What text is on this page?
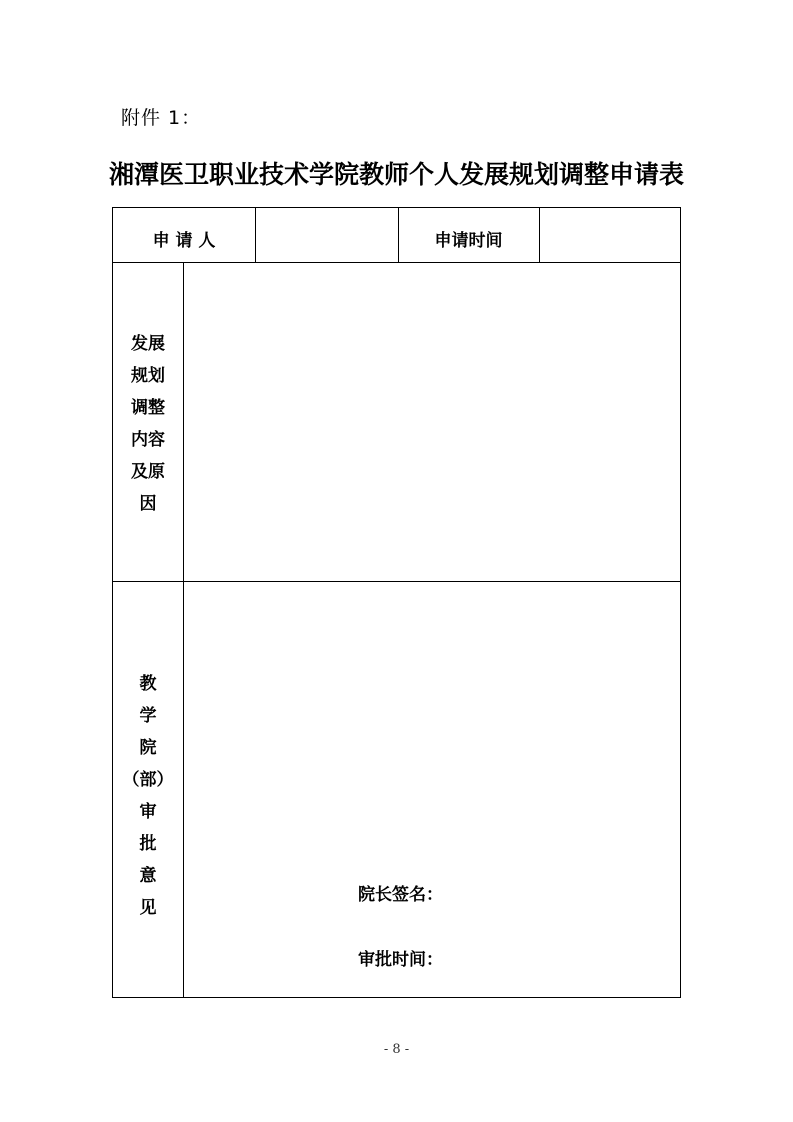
附件 1：
湘潭医卫职业技术学院教师个人发展规划调整申请表
申 请 人	申请时间
发展
规划
调整
内容
及原
因
教
学
院
（部）
审
批
意
见
院长签名：
审批时间：
- 8 -
